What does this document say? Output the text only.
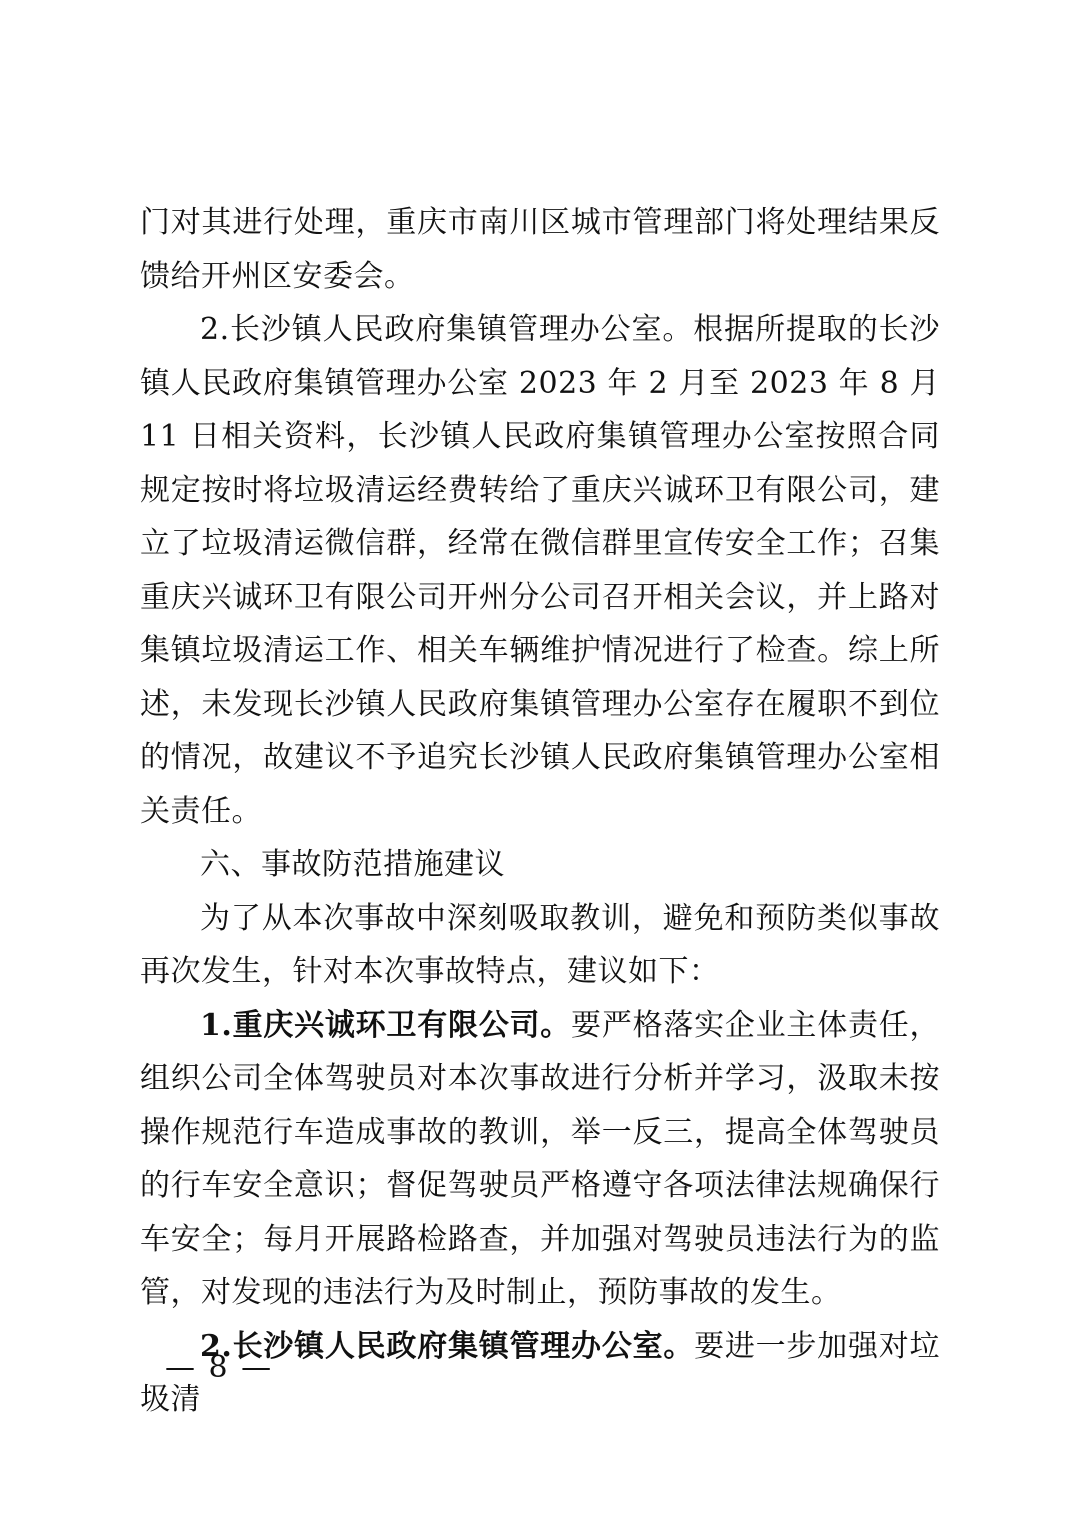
门对其进行处理，重庆市南川区城市管理部门将处理结果反馈给开州区安委会。

2.长沙镇人民政府集镇管理办公室。根据所提取的长沙镇人民政府集镇管理办公室 2023 年 2 月至 2023 年 8 月 11 日相关资料，长沙镇人民政府集镇管理办公室按照合同规定按时将垃圾清运经费转给了重庆兴诚环卫有限公司，建立了垃圾清运微信群，经常在微信群里宣传安全工作；召集重庆兴诚环卫有限公司开州分公司召开相关会议，并上路对集镇垃圾清运工作、相关车辆维护情况进行了检查。综上所述，未发现长沙镇人民政府集镇管理办公室存在履职不到位的情况，故建议不予追究长沙镇人民政府集镇管理办公室相关责任。

六、事故防范措施建议

为了从本次事故中深刻吸取教训，避免和预防类似事故再次发生，针对本次事故特点，建议如下：

1.重庆兴诚环卫有限公司。要严格落实企业主体责任，组织公司全体驾驶员对本次事故进行分析并学习，汲取未按操作规范行车造成事故的教训，举一反三，提高全体驾驶员的行车安全意识；督促驾驶员严格遵守各项法律法规确保行车安全；每月开展路检路查，并加强对驾驶员违法行为的监管，对发现的违法行为及时制止，预防事故的发生。

2.长沙镇人民政府集镇管理办公室。要进一步加强对垃圾清

— 8 —
